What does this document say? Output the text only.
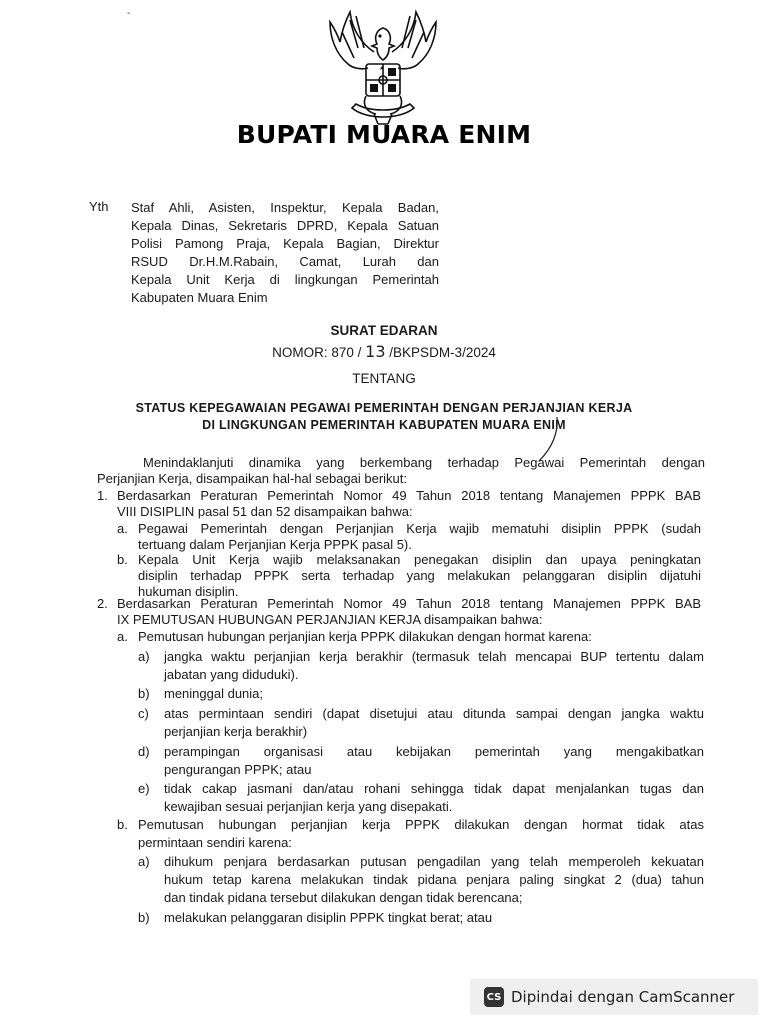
-
BUPATI MUARA ENIM
Yth Staf Ahli, Asisten, Inspektur, Kepala Badan,
Kepala Dinas, Sekretaris DPRD, Kepala Satuan
Polisi Pamong Praja, Kepala Bagian, Direktur
RSUD Dr.H.M.Rabain, Camat, Lurah dan
Kepala Unit Kerja di lingkungan Pemerintah
Kabupaten Muara Enim
SURAT EDARAN
NOMOR: 870 / 13 /BKPSDM-3/2024
TENTANG
STATUS KEPEGAWAIAN PEGAWAI PEMERINTAH DENGAN PERJANJIAN KERJA
DI LINGKUNGAN PEMERINTAH KABUPATEN MUARA ENIM
Menindaklanjuti dinamika yang berkembang terhadap Pegawai Pemerintah dengan
Perjanjian Kerja, disampaikan hal-hal sebagai berikut:
1. Berdasarkan Peraturan Pemerintah Nomor 49 Tahun 2018 tentang Manajemen PPPK BAB
VIII DISIPLIN pasal 51 dan 52 disampaikan bahwa:
a. Pegawai Pemerintah dengan Perjanjian Kerja wajib mematuhi disiplin PPPK (sudah
tertuang dalam Perjanjian Kerja PPPK pasal 5).
b. Kepala Unit Kerja wajib melaksanakan penegakan disiplin dan upaya peningkatan
disiplin terhadap PPPK serta terhadap yang melakukan pelanggaran disiplin dijatuhi
hukuman disiplin.
2. Berdasarkan Peraturan Pemerintah Nomor 49 Tahun 2018 tentang Manajemen PPPK BAB
IX PEMUTUSAN HUBUNGAN PERJANJIAN KERJA disampaikan bahwa:
a. Pemutusan hubungan perjanjian kerja PPPK dilakukan dengan hormat karena:
a) jangka waktu perjanjian kerja berakhir (termasuk telah mencapai BUP tertentu dalam
jabatan yang diduduki).
b) meninggal dunia;
c) atas permintaan sendiri (dapat disetujui atau ditunda sampai dengan jangka waktu
perjanjian kerja berakhir)
d) perampingan organisasi atau kebijakan pemerintah yang mengakibatkan
pengurangan PPPK; atau
e) tidak cakap jasmani dan/atau rohani sehingga tidak dapat menjalankan tugas dan
kewajiban sesuai perjanjian kerja yang disepakati.
b. Pemutusan hubungan perjanjian kerja PPPK dilakukan dengan hormat tidak atas
permintaan sendiri karena:
a) dihukum penjara berdasarkan putusan pengadilan yang telah memperoleh kekuatan
hukum tetap karena melakukan tindak pidana penjara paling singkat 2 (dua) tahun
dan tindak pidana tersebut dilakukan dengan tidak berencana;
b) melakukan pelanggaran disiplin PPPK tingkat berat; atau
CS Dipindai dengan CamScanner
